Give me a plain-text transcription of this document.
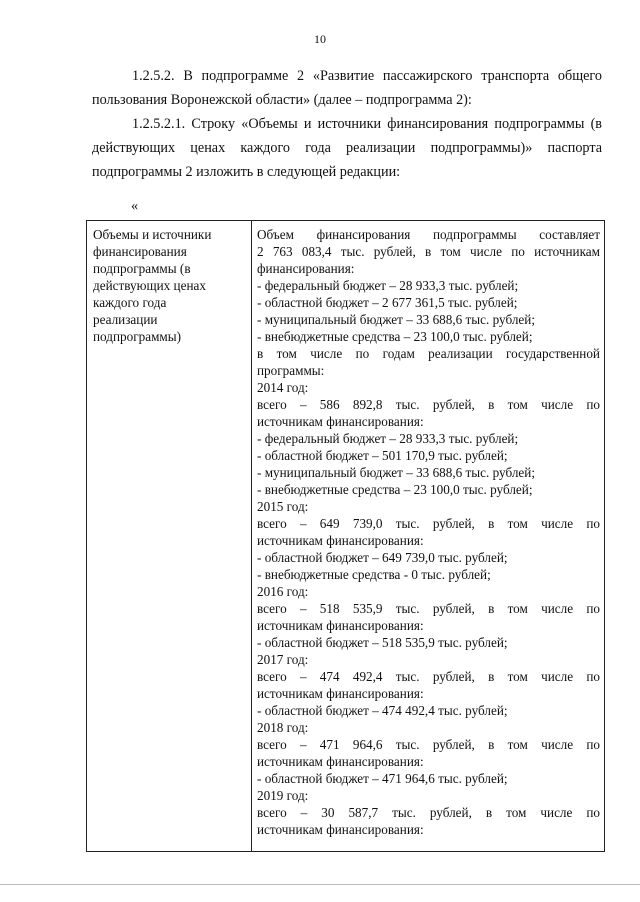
10
1.2.5.2. В подпрограмме 2 «Развитие пассажирского транспорта общего пользования Воронежской области» (далее – подпрограмма 2):
1.2.5.2.1. Строку «Объемы и источники финансирования подпрограммы (в действующих ценах каждого года реализации подпрограммы)» паспорта подпрограммы 2 изложить в следующей редакции:
«
Объемы и источники
финансирования
подпрограммы (в
действующих ценах
каждого года
реализации
подпрограммы)
Объем финансирования подпрограммы составляет
2 763 083,4 тыс. рублей, в том числе по источникам
финансирования:
- федеральный бюджет – 28 933,3 тыс. рублей;
- областной бюджет – 2 677 361,5 тыс. рублей;
- муниципальный бюджет – 33 688,6 тыс. рублей;
- внебюджетные средства – 23 100,0 тыс. рублей;
в том числе по годам реализации государственной
программы:
2014 год:
всего – 586 892,8 тыс. рублей, в том числе по
источникам финансирования:
- федеральный бюджет – 28 933,3 тыс. рублей;
- областной бюджет – 501 170,9 тыс. рублей;
- муниципальный бюджет – 33 688,6 тыс. рублей;
- внебюджетные средства – 23 100,0 тыс. рублей;
2015 год:
всего – 649 739,0 тыс. рублей, в том числе по
источникам финансирования:
- областной бюджет – 649 739,0 тыс. рублей;
- внебюджетные средства - 0 тыс. рублей;
2016 год:
всего – 518 535,9 тыс. рублей, в том числе по
источникам финансирования:
- областной бюджет – 518 535,9 тыс. рублей;
2017 год:
всего – 474 492,4 тыс. рублей, в том числе по
источникам финансирования:
- областной бюджет – 474 492,4 тыс. рублей;
2018 год:
всего – 471 964,6 тыс. рублей, в том числе по
источникам финансирования:
- областной бюджет – 471 964,6 тыс. рублей;
2019 год:
всего – 30 587,7 тыс. рублей, в том числе по
источникам финансирования:
